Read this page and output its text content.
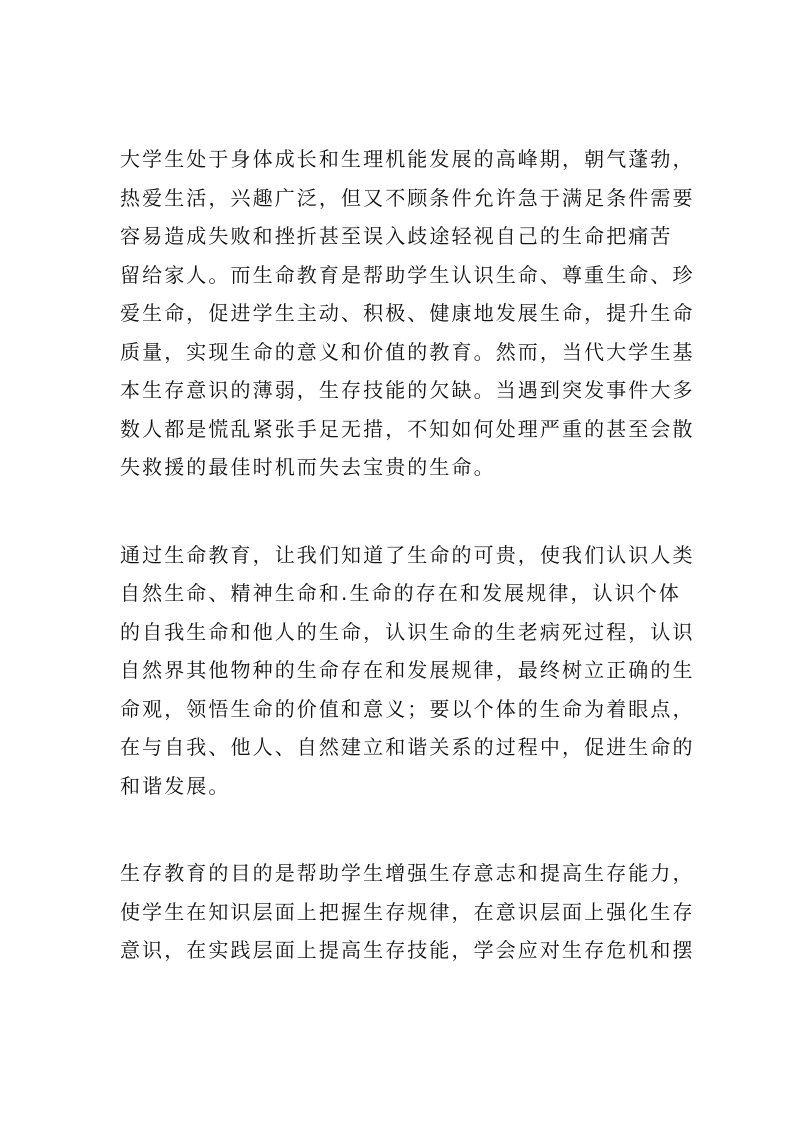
大学生处于身体成长和生理机能发展的高峰期，朝气蓬勃，
热爱生活，兴趣广泛，但又不顾条件允许急于满足条件需要
容易造成失败和挫折甚至误入歧途轻视自己的生命把痛苦
留给家人。而生命教育是帮助学生认识生命、尊重生命、珍
爱生命，促进学生主动、积极、健康地发展生命，提升生命
质量，实现生命的意义和价值的教育。然而，当代大学生基
本生存意识的薄弱，生存技能的欠缺。当遇到突发事件大多
数人都是慌乱紧张手足无措，不知如何处理严重的甚至会散
失救援的最佳时机而失去宝贵的生命。
通过生命教育，让我们知道了生命的可贵，使我们认识人类
自然生命、精神生命和.生命的存在和发展规律，认识个体
的自我生命和他人的生命，认识生命的生老病死过程，认识
自然界其他物种的生命存在和发展规律，最终树立正确的生
命观，领悟生命的价值和意义；要以个体的生命为着眼点，
在与自我、他人、自然建立和谐关系的过程中，促进生命的
和谐发展。
生存教育的目的是帮助学生增强生存意志和提高生存能力，
使学生在知识层面上把握生存规律，在意识层面上强化生存
意识，在实践层面上提高生存技能，学会应对生存危机和摆
